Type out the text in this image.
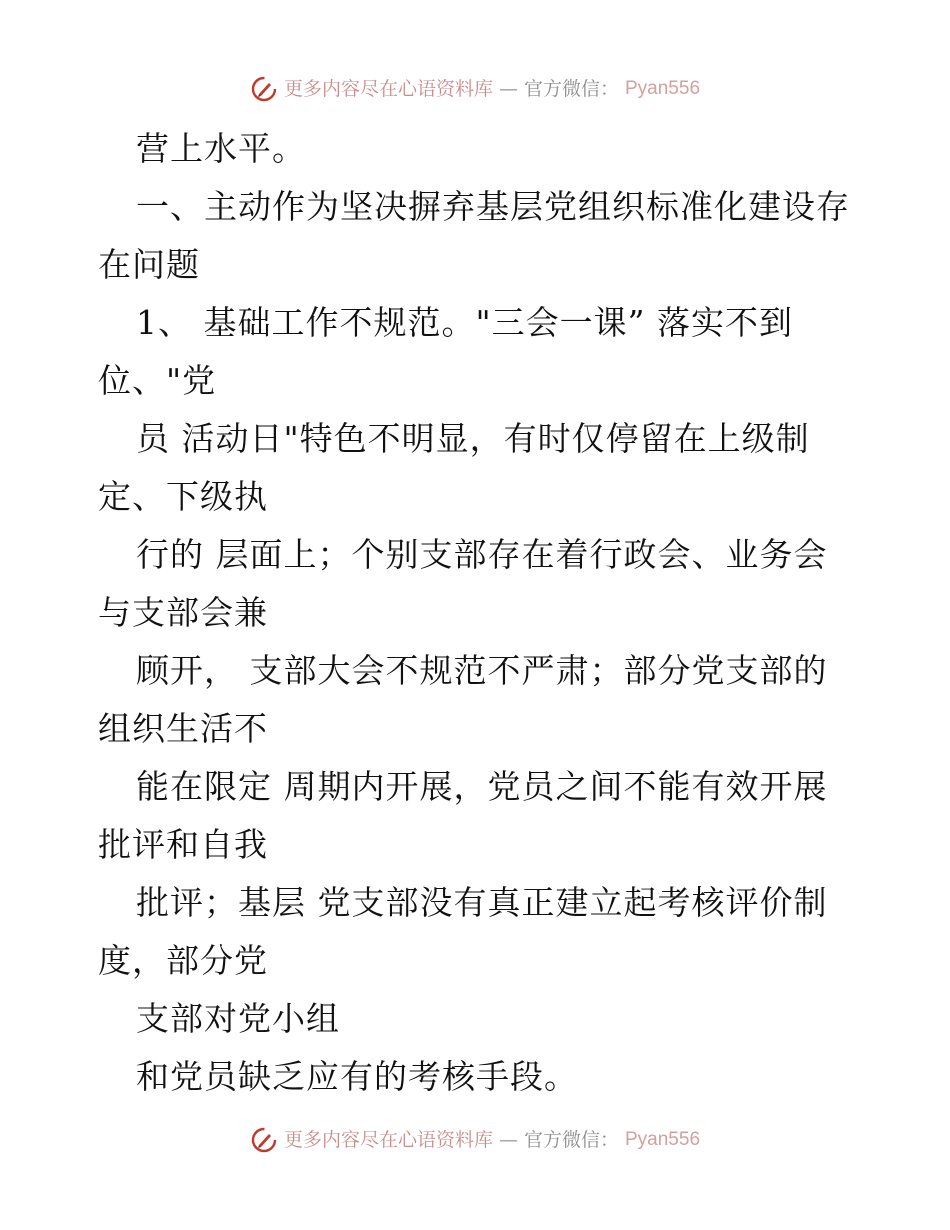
更多内容尽在心语资料库 — 官方微信： Pyan556
营上水平。
一、主动作为坚决摒弃基层党组织标准化建设存
在问题
1、 基础工作不规范。"三会一课” 落实不到
位、"党
员 活动日"特色不明显，有时仅停留在上级制
定、下级执
行的 层面上；个别支部存在着行政会、业务会
与支部会兼
顾开， 支部大会不规范不严肃；部分党支部的
组织生活不
能在限定 周期内开展，党员之间不能有效开展
批评和自我
批评；基层 党支部没有真正建立起考核评价制
度，部分党
支部对党小组
和党员缺乏应有的考核手段。
更多内容尽在心语资料库 — 官方微信： Pyan556
